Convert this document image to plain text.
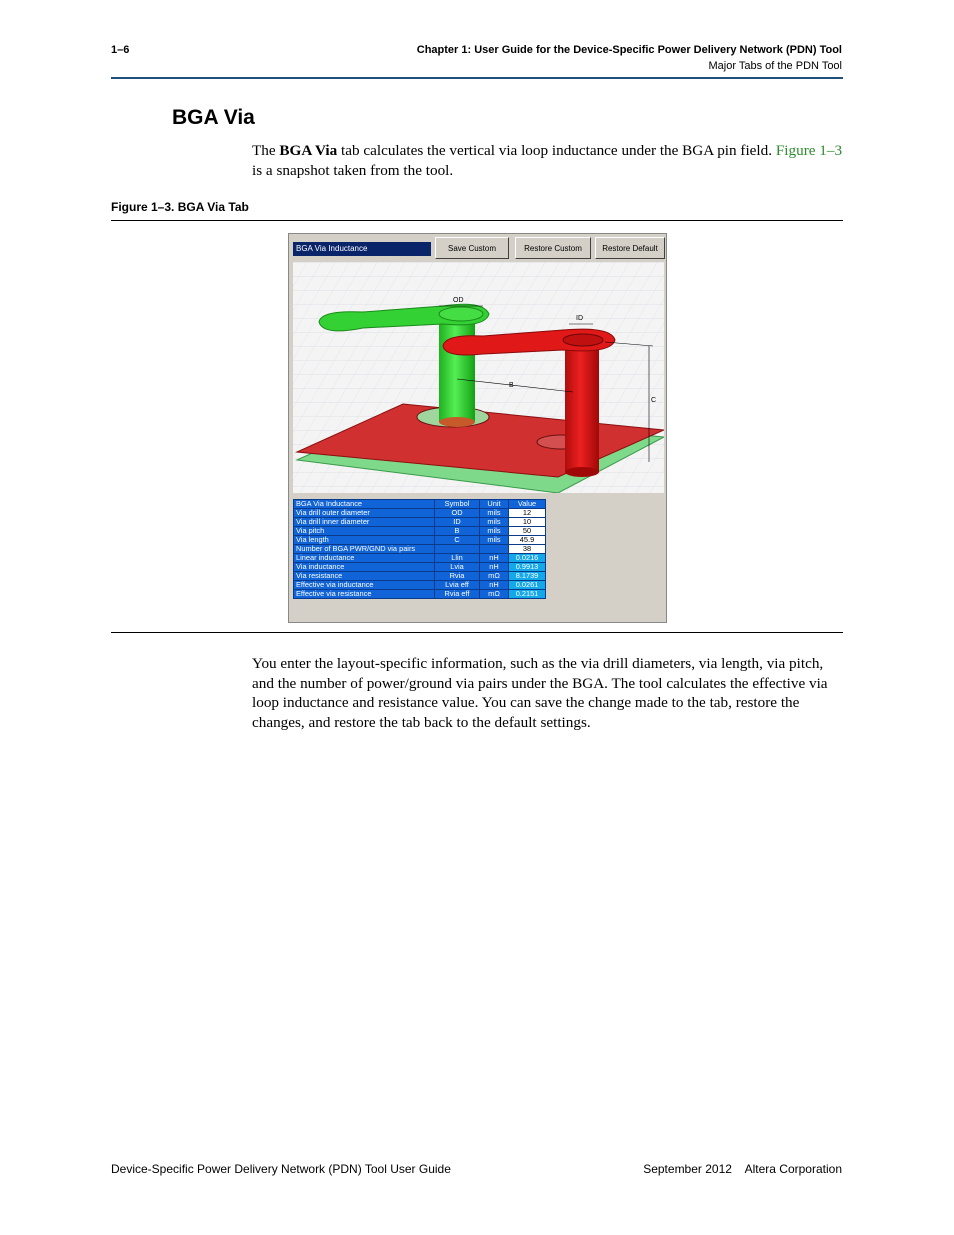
1–6	Chapter 1: User Guide for the Device-Specific Power Delivery Network (PDN) Tool
Major Tabs of the PDN Tool
BGA Via
The BGA Via tab calculates the vertical via loop inductance under the BGA pin field. Figure 1–3 is a snapshot taken from the tool.
Figure 1–3. BGA Via Tab
BGA Via Inductance	Save Custom	Restore Custom	Restore Default
OD
ID
B
C
BGA Via Inductance	Symbol	Unit	Value
Via drill outer diameter	OD	mils	12
Via drill inner diameter	ID	mils	10
Via pitch	B	mils	50
Via length	C	mils	45.9
Number of BGA PWR/GND via pairs			38
Linear inductance	Llin	nH	0.0216
Via inductance	Lvia	nH	0.9913
Via resistance	Rvia	mΩ	8.1739
Effective via inductance	Lvia eff	nH	0.0261
Effective via resistance	Rvia eff	mΩ	0.2151
You enter the layout-specific information, such as the via drill diameters, via length, via pitch, and the number of power/ground via pairs under the BGA. The tool calculates the effective via loop inductance and resistance value. You can save the change made to the tab, restore the changes, and restore the tab back to the default settings.
Device-Specific Power Delivery Network (PDN) Tool User Guide	September 2012    Altera Corporation
